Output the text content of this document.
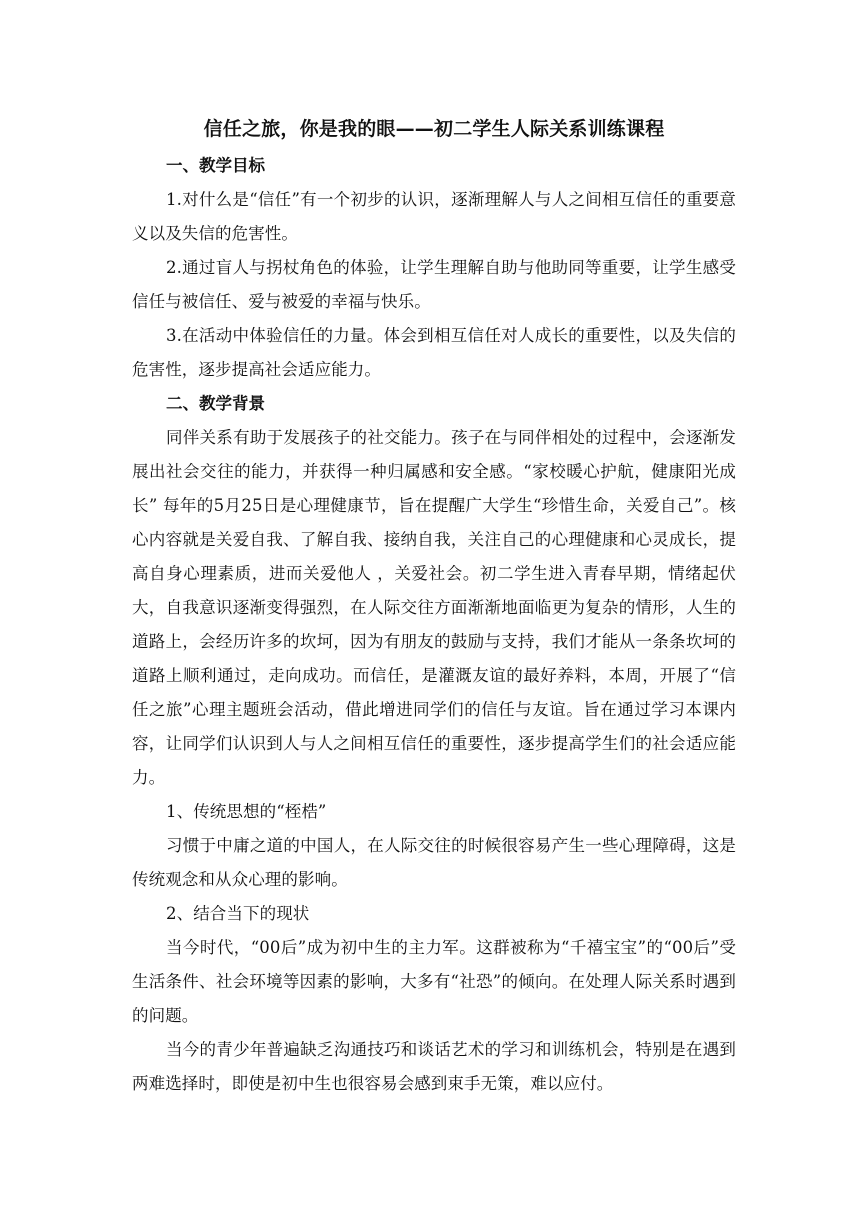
信任之旅，你是我的眼——初二学生人际关系训练课程

一、教学目标

1.对什么是“信任”有一个初步的认识，逐渐理解人与人之间相互信任的重要意义以及失信的危害性。

2.通过盲人与拐杖角色的体验，让学生理解自助与他助同等重要，让学生感受信任与被信任、爱与被爱的幸福与快乐。

3.在活动中体验信任的力量。体会到相互信任对人成长的重要性，以及失信的危害性，逐步提高社会适应能力。

二、教学背景

同伴关系有助于发展孩子的社交能力。孩子在与同伴相处的过程中，会逐渐发展出社会交往的能力，并获得一种归属感和安全感。“家校暖心护航，健康阳光成长” 每年的5月25日是心理健康节，旨在提醒广大学生“珍惜生命，关爱自己”。核心内容就是关爱自我、了解自我、接纳自我，关注自己的心理健康和心灵成长，提高自身心理素质，进而关爱他人 ，关爱社会。初二学生进入青春早期，情绪起伏大，自我意识逐渐变得强烈，在人际交往方面渐渐地面临更为复杂的情形，人生的道路上，会经历许多的坎坷，因为有朋友的鼓励与支持，我们才能从一条条坎坷的道路上顺利通过，走向成功。而信任，是灌溉友谊的最好养料，本周，开展了“信任之旅”心理主题班会活动，借此增进同学们的信任与友谊。旨在通过学习本课内容，让同学们认识到人与人之间相互信任的重要性，逐步提高学生们的社会适应能力。

1、传统思想的“桎梏”

习惯于中庸之道的中国人，在人际交往的时候很容易产生一些心理障碍，这是传统观念和从众心理的影响。

2、结合当下的现状

当今时代，“00后”成为初中生的主力军。这群被称为“千禧宝宝”的“00后”受生活条件、社会环境等因素的影响，大多有“社恐”的倾向。在处理人际关系时遇到的问题。

当今的青少年普遍缺乏沟通技巧和谈话艺术的学习和训练机会，特别是在遇到两难选择时，即使是初中生也很容易会感到束手无策，难以应付。
